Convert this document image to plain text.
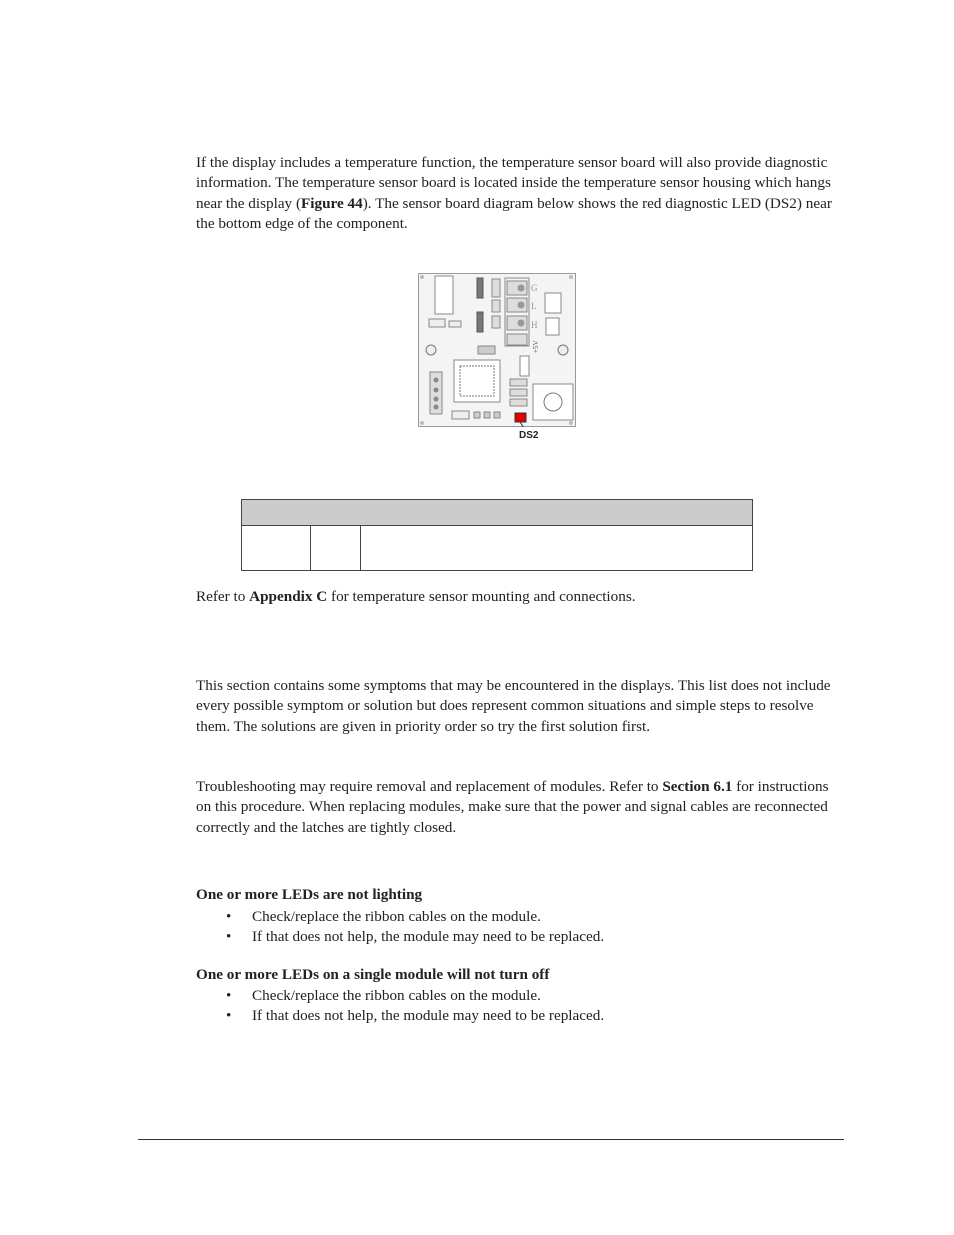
If the display includes a temperature function, the temperature sensor board will also provide diagnostic information. The temperature sensor board is located inside the temperature sensor housing which hangs near the display (Figure 44). The sensor board diagram below shows the red diagnostic LED (DS2) near the bottom edge of the component.

G
L
H
+5V
DS2

Refer to Appendix C for temperature sensor mounting and connections.

This section contains some symptoms that may be encountered in the displays. This list does not include every possible symptom or solution but does represent common situations and simple steps to resolve them. The solutions are given in priority order so try the first solution first.

Troubleshooting may require removal and replacement of modules. Refer to Section 6.1 for instructions on this procedure. When replacing modules, make sure that the power and signal cables are reconnected correctly and the latches are tightly closed.

One or more LEDs are not lighting

• Check/replace the ribbon cables on the module.
• If that does not help, the module may need to be replaced.

One or more LEDs on a single module will not turn off

• Check/replace the ribbon cables on the module.
• If that does not help, the module may need to be replaced.
